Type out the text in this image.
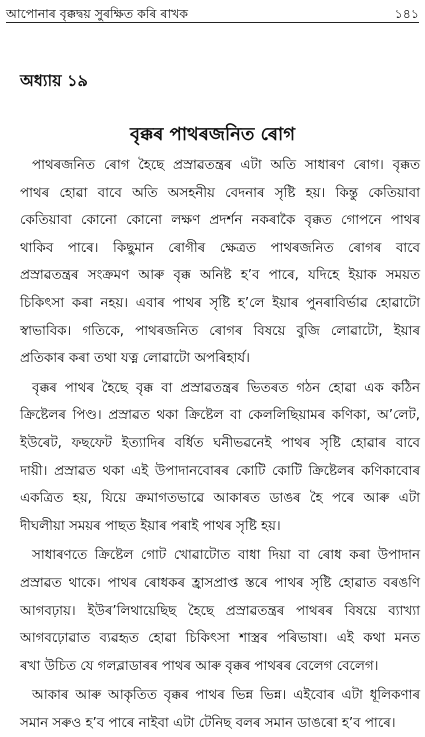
আপোনাৰ বৃক্কদ্বয় সুৰক্ষিত কৰি ৰাখক	১৪১
অধ্যায় ১৯
বৃক্কৰ পাথৰজনিত ৰোগ
পাথৰজনিত ৰোগ হৈছে প্ৰস্ৰাৱতন্ত্ৰৰ এটা অতি সাধাৰণ ৰোগ। বৃক্কত
পাথৰ হোৱা বাবে অতি অসহনীয় বেদনাৰ সৃষ্টি হয়। কিন্তু কেতিয়াবা
কেতিয়াবা কোনো কোনো লক্ষণ প্ৰদৰ্শন নকৰাকৈ বৃক্কত গোপনে পাথৰ
থাকিব পাৰে। কিছুমান ৰোগীৰ ক্ষেত্ৰত পাথৰজনিত ৰোগৰ বাবে
প্ৰস্ৰাৱতন্ত্ৰৰ সংক্ৰমণ আৰু বৃক্ক অনিষ্ট হ’ব পাৰে, যদিহে ইয়াক সময়ত
চিকিৎসা কৰা নহয়। এবাৰ পাথৰ সৃষ্টি হ’লে ইয়াৰ পুনৰাবিৰ্ভাৱ হোৱাটো
স্বাভাবিক। গতিকে, পাথৰজনিত ৰোগৰ বিষয়ে বুজি লোৱাটো, ইয়াৰ
প্ৰতিকাৰ কৰা তথা যত্ন লোৱাটো অপৰিহাৰ্য।
বৃক্কৰ পাথৰ হৈছে বৃক্ক বা প্ৰস্ৰাৱতন্ত্ৰৰ ভিতৰত গঠন হোৱা এক কঠিন
ক্ৰিষ্টেলৰ পিণ্ড। প্ৰস্ৰাৱত থকা ক্ৰিষ্টেল বা কেললিছিয়ামৰ কণিকা, অ’লেট,
ইউৰেট, ফছফেট ইত্যাদিৰ বৰ্ধিত ঘনীভৱনেই পাথৰ সৃষ্টি হোৱাৰ বাবে
দায়ী। প্ৰস্ৰাৱত থকা এই উপাদানবোৰৰ কোটি কোটি ক্ৰিষ্টেলৰ কণিকাবোৰ
একত্ৰিত হয়, যিয়ে ক্ৰমাগতভাৱে আকাৰত ডাঙৰ হৈ পৰে আৰু এটা
দীঘলীয়া সময়ৰ পাছত ইয়াৰ পৰাই পাথৰ সৃষ্টি হয়।
সাধাৰণতে ক্ৰিষ্টেল গোট খোৱাটোত বাধা দিয়া বা ৰোধ কৰা উপাদান
প্ৰস্ৰাৱত থাকে। পাথৰ ৰোধকৰ হ্ৰাসপ্ৰাপ্ত স্তৰে পাথৰ সৃষ্টি হোৱাত বৰঙণি
আগবঢ়ায়। ইউৰ’লিথায়েছিছ হৈছে প্ৰস্ৰাৱতন্ত্ৰৰ পাথৰৰ বিষয়ে ব্যাখ্যা
আগবঢ়োৱাত ব্যৱহৃত হোৱা চিকিৎসা শাস্ত্ৰৰ পৰিভাষা। এই কথা মনত
ৰখা উচিত যে গলব্লাডাৰৰ পাথৰ আৰু বৃক্কৰ পাথৰৰ বেলেগ বেলেগ।
আকাৰ আৰু আকৃতিত বৃক্কৰ পাথৰ ভিন্ন ভিন্ন। এইবোৰ এটা ধূলিকণাৰ
সমান সৰুও হ’ব পাৰে নাইবা এটা টেনিছ বলৰ সমান ডাঙৰো হ’ব পাৰে।
